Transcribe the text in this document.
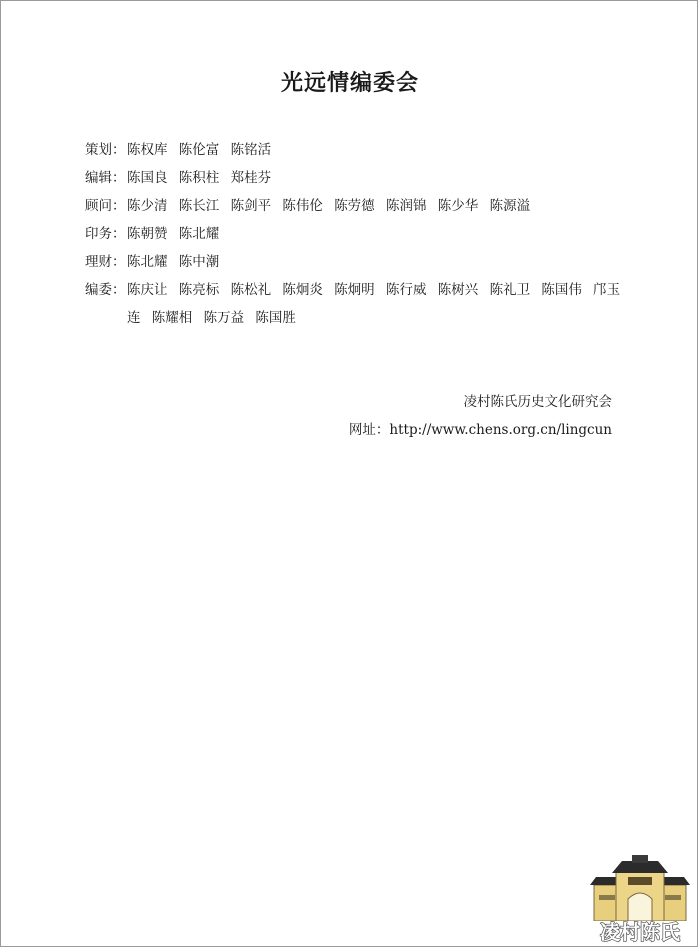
光远情编委会
策划： 陈权库 陈伦富 陈铭活
编辑： 陈国良 陈积柱 郑桂芬
顾问： 陈少清 陈长江 陈剑平 陈伟伦 陈劳德 陈润锦 陈少华 陈源溢
印务： 陈朝赞 陈北耀
理财： 陈北耀 陈中潮
编委： 陈庆让 陈亮标 陈松礼 陈炯炎 陈炯明 陈行威 陈树兴 陈礼卫 陈国伟 邝玉连 陈耀相 陈万益 陈国胜
凌村陈氏历史文化研究会
网址：http://www.chens.org.cn/lingcun
凌村陈氏
